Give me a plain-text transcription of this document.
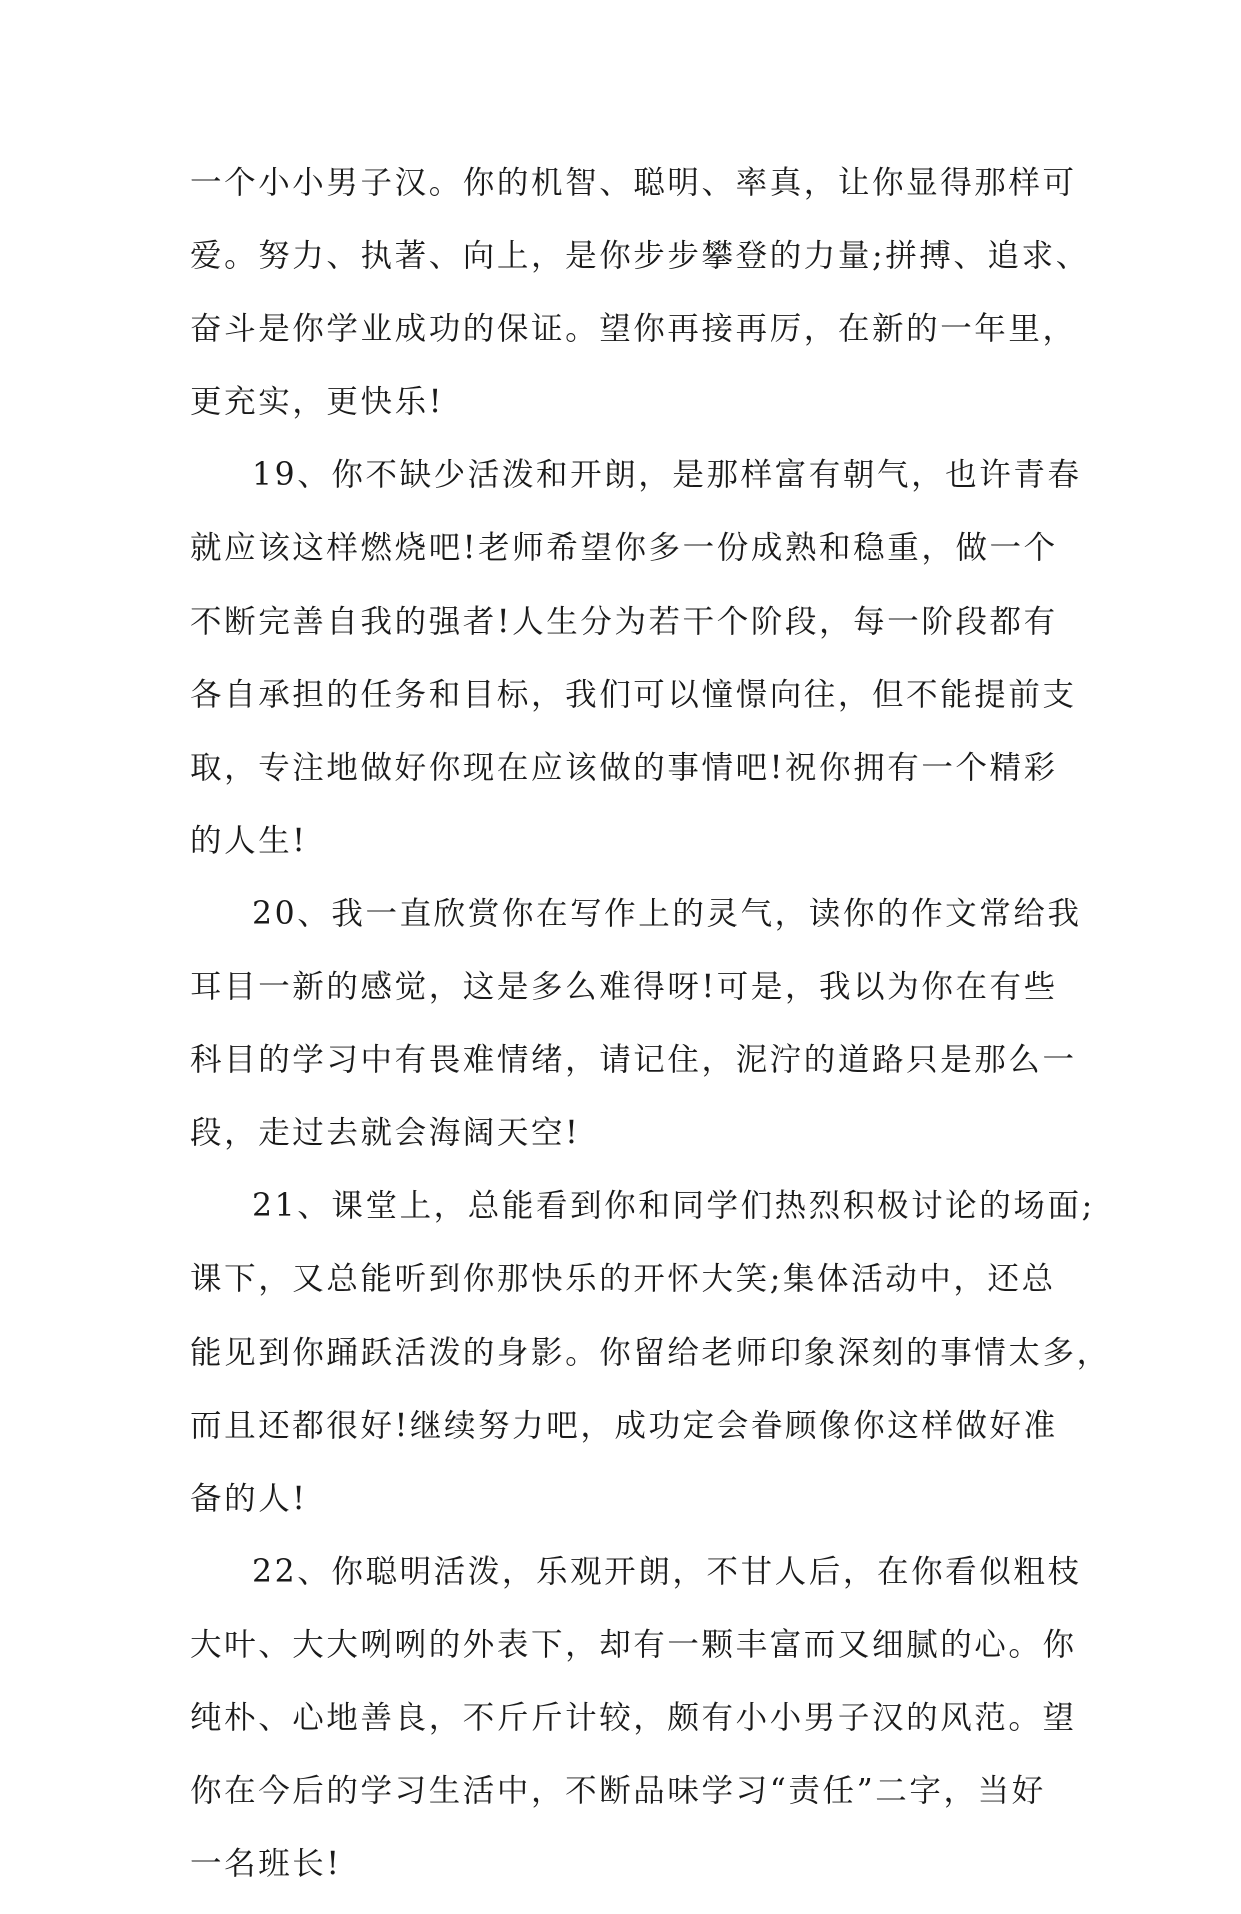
一个小小男子汉。你的机智、聪明、率真，让你显得那样可
爱。努力、执著、向上，是你步步攀登的力量;拼搏、追求、
奋斗是你学业成功的保证。望你再接再厉，在新的一年里，
更充实，更快乐!
19、你不缺少活泼和开朗，是那样富有朝气，也许青春
就应该这样燃烧吧!老师希望你多一份成熟和稳重，做一个
不断完善自我的强者!人生分为若干个阶段，每一阶段都有
各自承担的任务和目标，我们可以憧憬向往，但不能提前支
取，专注地做好你现在应该做的事情吧!祝你拥有一个精彩
的人生!
20、我一直欣赏你在写作上的灵气，读你的作文常给我
耳目一新的感觉，这是多么难得呀!可是，我以为你在有些
科目的学习中有畏难情绪，请记住，泥泞的道路只是那么一
段，走过去就会海阔天空!
21、课堂上，总能看到你和同学们热烈积极讨论的场面;
课下，又总能听到你那快乐的开怀大笑;集体活动中，还总
能见到你踊跃活泼的身影。你留给老师印象深刻的事情太多，
而且还都很好!继续努力吧，成功定会眷顾像你这样做好准
备的人!
22、你聪明活泼，乐观开朗，不甘人后，在你看似粗枝
大叶、大大咧咧的外表下，却有一颗丰富而又细腻的心。你
纯朴、心地善良，不斤斤计较，颇有小小男子汉的风范。望
你在今后的学习生活中，不断品味学习“责任”二字，当好
一名班长!
